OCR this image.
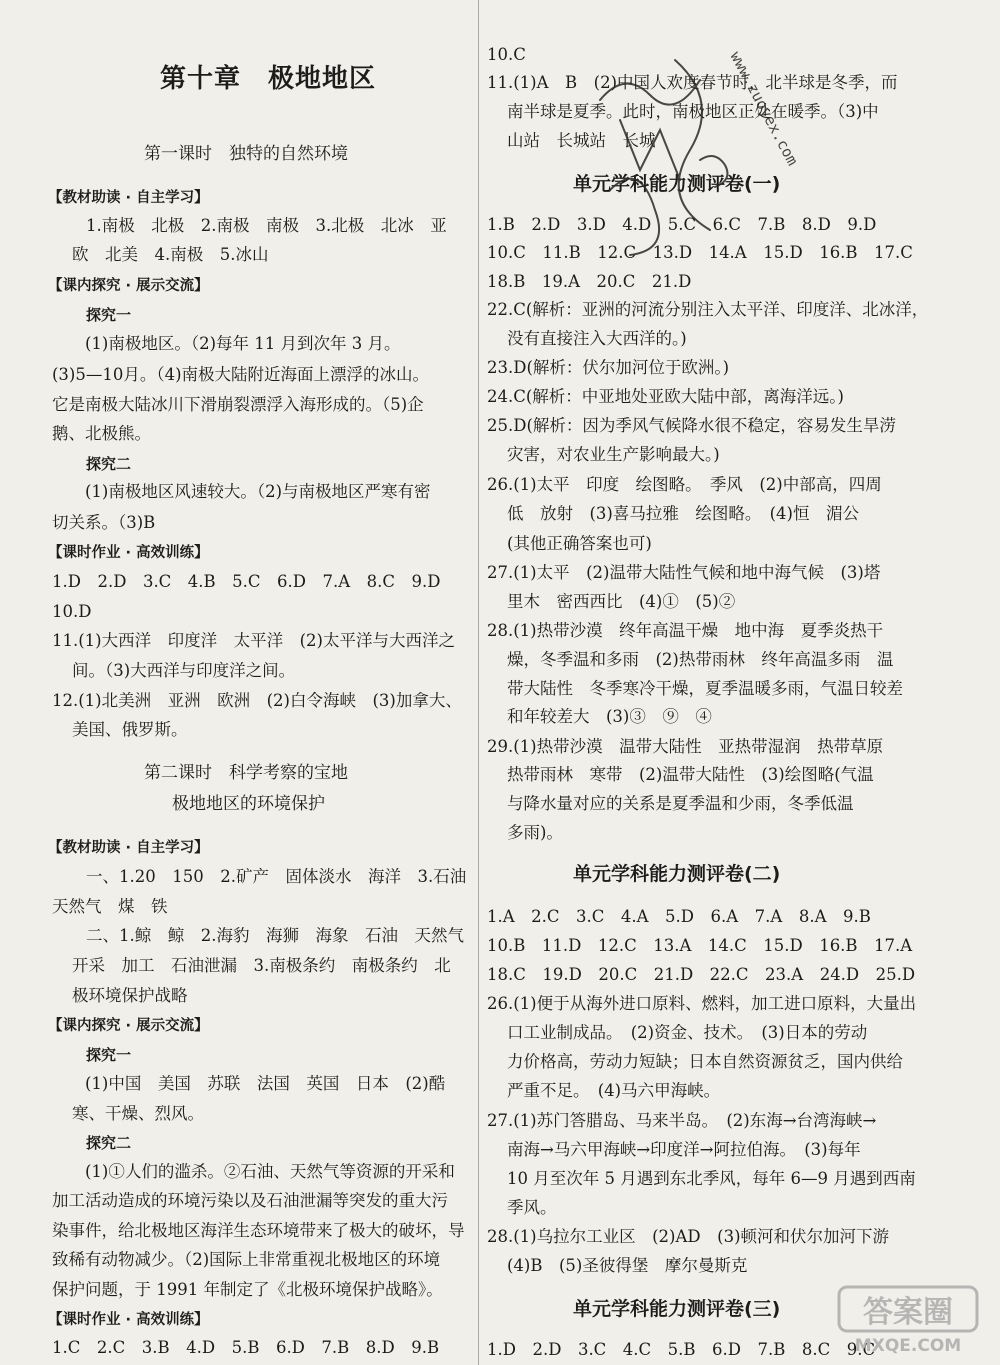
第十章　极地地区
第一课时　独特的自然环境
【教材助读 · 自主学习】
1.南极　北极　2.南极　南极　3.北极　北冰　亚
欧　北美　4.南极　5.冰山
【课内探究 · 展示交流】
探究一
(1)南极地区。（2)每年 11 月到次年 3 月。
(3)5—10月。（4)南极大陆附近海面上漂浮的冰山。
它是南极大陆冰川下滑崩裂漂浮入海形成的。（5)企
鹅、北极熊。
探究二
(1)南极地区风速较大。（2)与南极地区严寒有密
切关系。（3)B
【课时作业 · 高效训练】
1.D　2.D　3.C　4.B　5.C　6.D　7.A　8.C　9.D
10.D
11.(1)大西洋　印度洋　太平洋　(2)太平洋与大西洋之
间。（3)大西洋与印度洋之间。
12.(1)北美洲　亚洲　欧洲　(2)白令海峡　(3)加拿大、
美国、俄罗斯。
第二课时　科学考察的宝地
极地地区的环境保护
【教材助读 · 自主学习】
一、1.20　150　2.矿产　固体淡水　海洋　3.石油
天然气　煤　铁
二、1.鲸　鲸　2.海豹　海狮　海象　石油　天然气
开采　加工　石油泄漏　3.南极条约　南极条约　北
极环境保护战略
【课内探究 · 展示交流】
探究一
(1)中国　美国　苏联　法国　英国　日本　(2)酷
寒、干燥、烈风。
探究二
(1)①人们的滥杀。②石油、天然气等资源的开采和
加工活动造成的环境污染以及石油泄漏等突发的重大污
染事件，给北极地区海洋生态环境带来了极大的破坏，导
致稀有动物减少。（2)国际上非常重视北极地区的环境
保护问题，于 1991 年制定了《北极环境保护战略》。
【课时作业 · 高效训练】
1.C　2.C　3.B　4.D　5.B　6.D　7.B　8.D　9.B
10.C
11.(1)A　B　(2)中国人欢度春节时，北半球是冬季，而
南半球是夏季。此时，南极地区正处在暖季。（3)中
山站　长城站　长城
单元学科能力测评卷(一)
1.B　2.D　3.D　4.D　5.C　6.C　7.B　8.D　9.D
10.C　11.B　12.C　13.D　14.A　15.D　16.B　17.C
18.B　19.A　20.C　21.D
22.C(解析：亚洲的河流分别注入太平洋、印度洋、北冰洋，
没有直接注入大西洋的。)
23.D(解析：伏尔加河位于欧洲。)
24.C(解析：中亚地处亚欧大陆中部，离海洋远。)
25.D(解析：因为季风气候降水很不稳定，容易发生旱涝
灾害，对农业生产影响最大。)
26.(1)太平　印度　绘图略。　季风　(2)中部高，四周
低　放射　(3)喜马拉雅　绘图略。　(4)恒　湄公
(其他正确答案也可)
27.(1)太平　(2)温带大陆性气候和地中海气候　(3)塔
里木　密西西比　(4)①　(5)②
28.(1)热带沙漠　终年高温干燥　地中海　夏季炎热干
燥，冬季温和多雨　(2)热带雨林　终年高温多雨　温
带大陆性　冬季寒冷干燥，夏季温暖多雨，气温日较差
和年较差大　(3)③　⑨　④
29.(1)热带沙漠　温带大陆性　亚热带湿润　热带草原
热带雨林　寒带　(2)温带大陆性　(3)绘图略(气温
与降水量对应的关系是夏季温和少雨，冬季低温
多雨)。
单元学科能力测评卷(二)
1.A　2.C　3.C　4.A　5.D　6.A　7.A　8.A　9.B
10.B　11.D　12.C　13.A　14.C　15.D　16.B　17.A
18.C　19.D　20.C　21.D　22.C　23.A　24.D　25.D
26.(1)便于从海外进口原料、燃料，加工进口原料，大量出
口工业制成品。　(2)资金、技术。　(3)日本的劳动
力价格高，劳动力短缺；日本自然资源贫乏，国内供给
严重不足。　(4)马六甲海峡。
27.(1)苏门答腊岛、马来半岛。　(2)东海→台湾海峡→
南海→马六甲海峡→印度洋→阿拉伯海。　(3)每年
10 月至次年 5 月遇到东北季风，每年 6—9 月遇到西南
季风。
28.(1)乌拉尔工业区　(2)AD　(3)顿河和伏尔加河下游
(4)B　(5)圣彼得堡　摩尔曼斯克
单元学科能力测评卷(三)
1.D　2.D　3.C　4.C　5.B　6.D　7.B　8.C　9.C
www.zuoyex.com
答案圈
MXQE.COM
